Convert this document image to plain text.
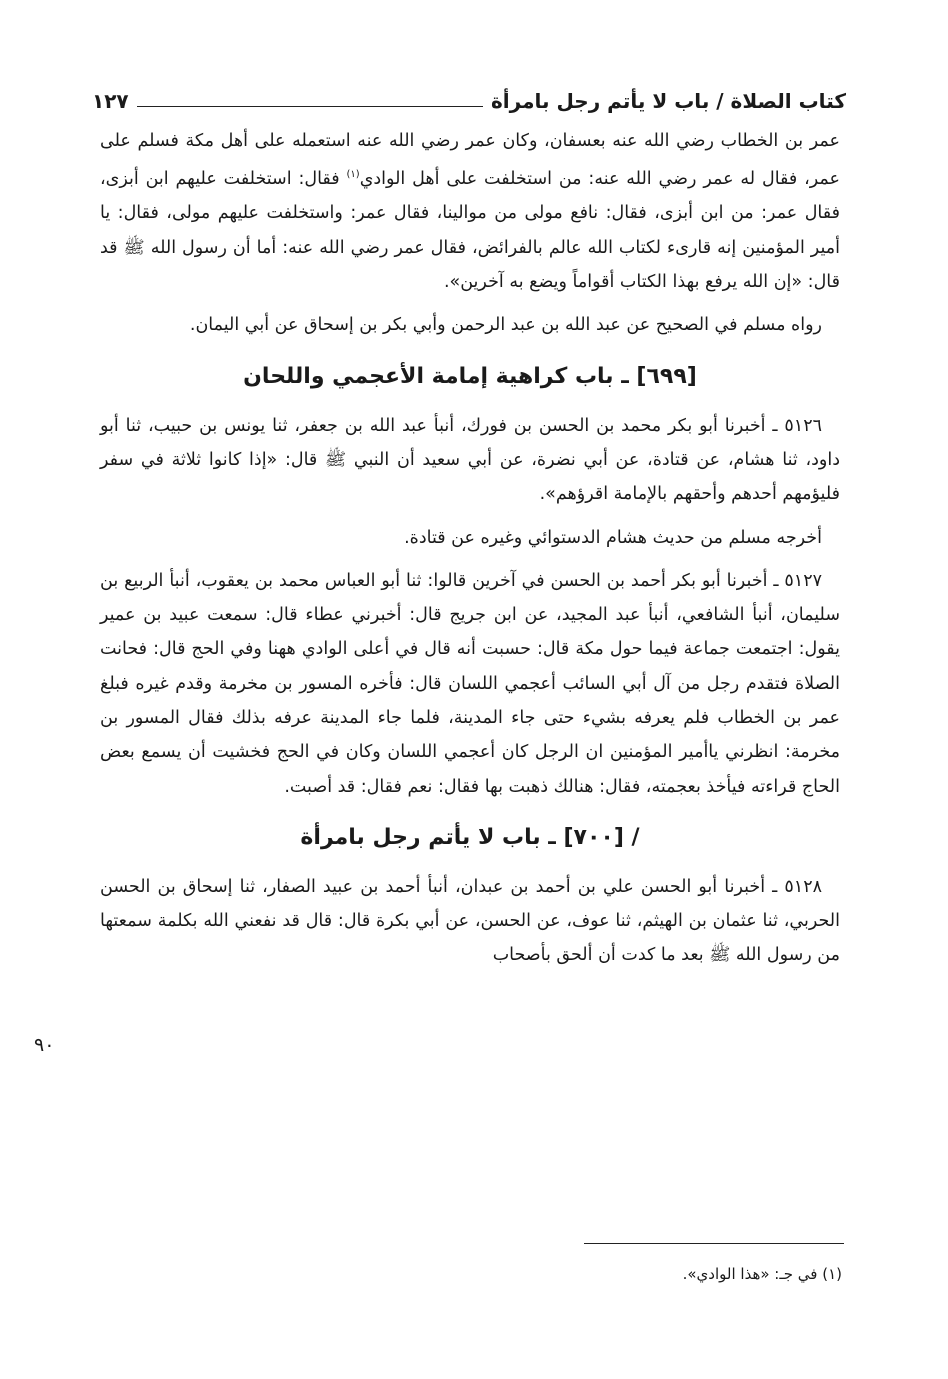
كتاب الصلاة / باب لا يأتم رجل بامرأة
١٢٧

عمر بن الخطاب رضي الله عنه بعسفان، وكان عمر رضي الله عنه استعمله على أهل مكة فسلم على عمر، فقال له عمر رضي الله عنه: من استخلفت على أهل الوادي$^{(١)}$ فقال: استخلفت عليهم ابن أبزى، فقال عمر: من ابن أبزى، فقال: نافع مولى من موالينا، فقال عمر: واستخلفت عليهم مولى، فقال: يا أمير المؤمنين إنه قارىء لكتاب الله عالم بالفرائض، فقال عمر رضي الله عنه: أما أن رسول الله ﷺ قد قال: «إن الله يرفع بهذا الكتاب أقواماً ويضع به آخرين».

رواه مسلم في الصحيح عن عبد الله بن عبد الرحمن وأبي بكر بن إسحاق عن أبي اليمان.

[٦٩٩] ـ باب كراهية إمامة الأعجمي واللحان

٥١٢٦ ـ أخبرنا أبو بكر محمد بن الحسن بن فورك، أنبأ عبد الله بن جعفر، ثنا يونس بن حبيب، ثنا أبو داود، ثنا هشام، عن قتادة، عن أبي نضرة، عن أبي سعيد أن النبي ﷺ قال: «إذا كانوا ثلاثة في سفر فليؤمهم أحدهم وأحقهم بالإمامة اقرؤهم».

أخرجه مسلم من حديث هشام الدستوائي وغيره عن قتادة.

٥١٢٧ ـ أخبرنا أبو بكر أحمد بن الحسن في آخرين قالوا: ثنا أبو العباس محمد بن يعقوب، أنبأ الربيع بن سليمان، أنبأ الشافعي، أنبأ عبد المجيد، عن ابن جريج قال: أخبرني عطاء قال: سمعت عبيد بن عمير يقول: اجتمعت جماعة فيما حول مكة قال: حسبت أنه قال في أعلى الوادي ههنا وفي الحج قال: فحانت الصلاة فتقدم رجل من آل أبي السائب أعجمي اللسان قال: فأخره المسور بن مخرمة وقدم غيره فبلغ عمر بن الخطاب فلم يعرفه بشيء حتى جاء المدينة، فلما جاء المدينة عرفه بذلك فقال المسور بن مخرمة: انظرني ياأمير المؤمنين ان الرجل كان أعجمي اللسان وكان في الحج فخشيت أن يسمع بعض الحاج قراءته فيأخذ بعجمته، فقال: هنالك ذهبت بها فقال: نعم فقال: قد أصبت.

/ [٧٠٠] ـ باب لا يأتم رجل بامرأة

٥١٢٨ ـ أخبرنا أبو الحسن علي بن أحمد بن عبدان، أنبأ أحمد بن عبيد الصفار، ثنا إسحاق بن الحسن الحربي، ثنا عثمان بن الهيثم، ثنا عوف، عن الحسن، عن أبي بكرة قال: قال قد نفعني الله بكلمة سمعتها من رسول الله ﷺ بعد ما كدت أن ألحق بأصحاب

٩٠
(١) في جـ: «هذا الوادي».
